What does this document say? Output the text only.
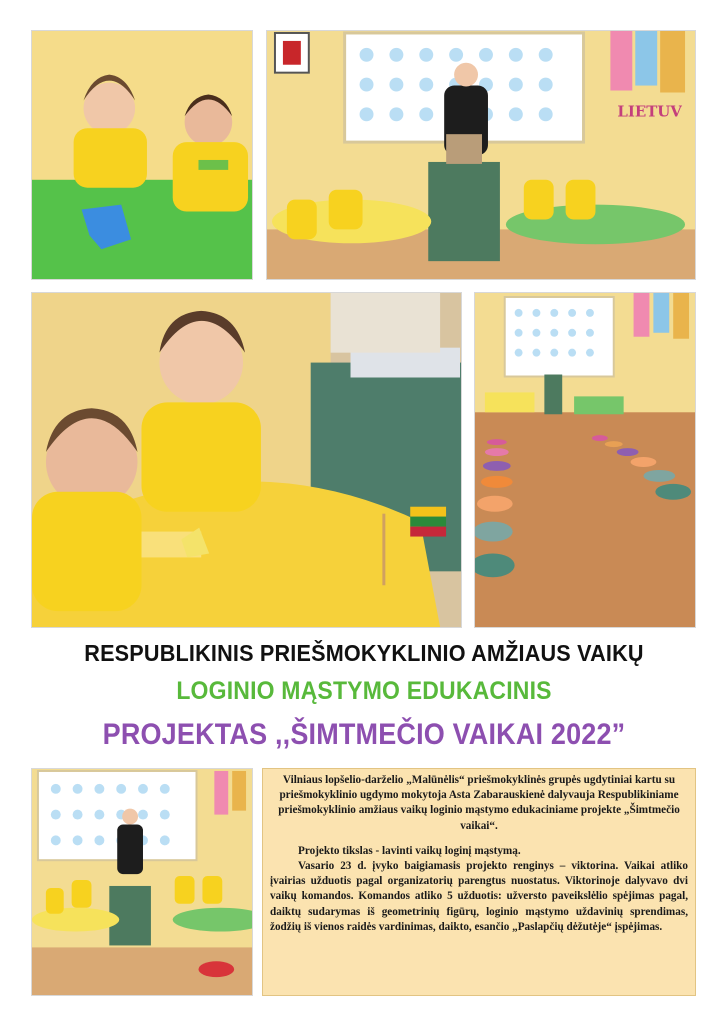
LIETUV
RESPUBLIKINIS PRIEŠMOKYKLINIO AMŽIAUS VAIKŲ
LOGINIO MĄSTYMO EDUKACINIS
PROJEKTAS ,,ŠIMTMEČIO VAIKAI 2022”

Vilniaus lopšelio-darželio „Malūnėlis“ priešmokyklinės grupės ugdytiniai kartu su priešmokyklinio ugdymo mokytoja Asta Zabarauskienė dalyvauja Respublikiniame priešmokyklinio amžiaus vaikų loginio mąstymo edukaciniame projekte „Šimtmečio vaikai“.

Projekto tikslas - lavinti vaikų loginį mąstymą.

Vasario 23 d. įvyko baigiamasis projekto renginys – viktorina. Vaikai atliko įvairias užduotis pagal organizatorių parengtus nuostatus. Viktorinoje dalyvavo dvi vaikų komandos. Komandos atliko 5 užduotis: užversto paveikslėlio spėjimas pagal, daiktų sudarymas iš geometrinių figūrų, loginio mąstymo uždavinių sprendimas, žodžių iš vienos raidės vardinimas, daikto, esančio „Paslapčių dėžutėje“ įspėjimas.
